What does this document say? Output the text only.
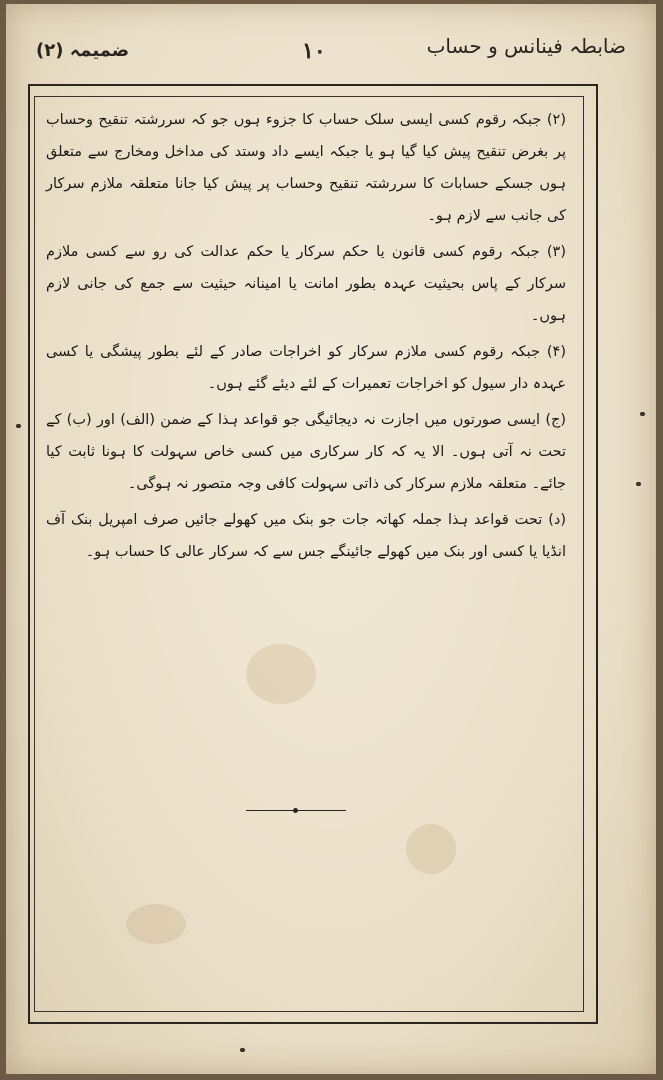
ضابطہ فینانس و حساب
۱۰
ضمیمہ (۲)

(۲) جبکہ رقوم کسی ایسی سلک حساب کا جزوء ہوں جو کہ سررشتہ تنقیح وحساب پر بغرض تنقیح پیش کیا گیا ہو یا جبکہ ایسے داد وستد کی مداخل ومخارج سے متعلق ہوں جسکے حسابات کا سررشتہ تنقیح وحساب پر پیش کیا جانا متعلقہ ملازم سرکار کی جانب سے لازم ہو۔

(۳) جبکہ رقوم کسی قانون یا حکم سرکار یا حکم عدالت کی رو سے کسی ملازم سرکار کے پاس بحیثیت عہدہ بطور امانت یا امینانہ حیثیت سے جمع کی جانی لازم ہوں۔

(۴) جبکہ رقوم کسی ملازم سرکار کو اخراجات صادر کے لئے بطور پیشگی یا کسی عہدہ دار سیول کو اخراجات تعمیرات کے لئے دیئے گئے ہوں۔

(ج) ایسی صورتوں میں اجازت نہ دیجائیگی جو قواعد ہذا کے ضمن (الف) اور (ب) کے تحت نہ آتی ہوں۔ الا یہ کہ کار سرکاری میں کسی خاص سہولت کا ہونا ثابت کیا جائے۔ متعلقہ ملازم سرکار کی ذاتی سہولت کافی وجہ متصور نہ ہوگی۔

(د) تحت قواعد ہذا جملہ کھاتہ جات جو بنک میں کھولے جائیں صرف امپریل بنک آف انڈیا یا کسی اور بنک میں کھولے جائینگے جس سے کہ سرکار عالی کا حساب ہو۔
